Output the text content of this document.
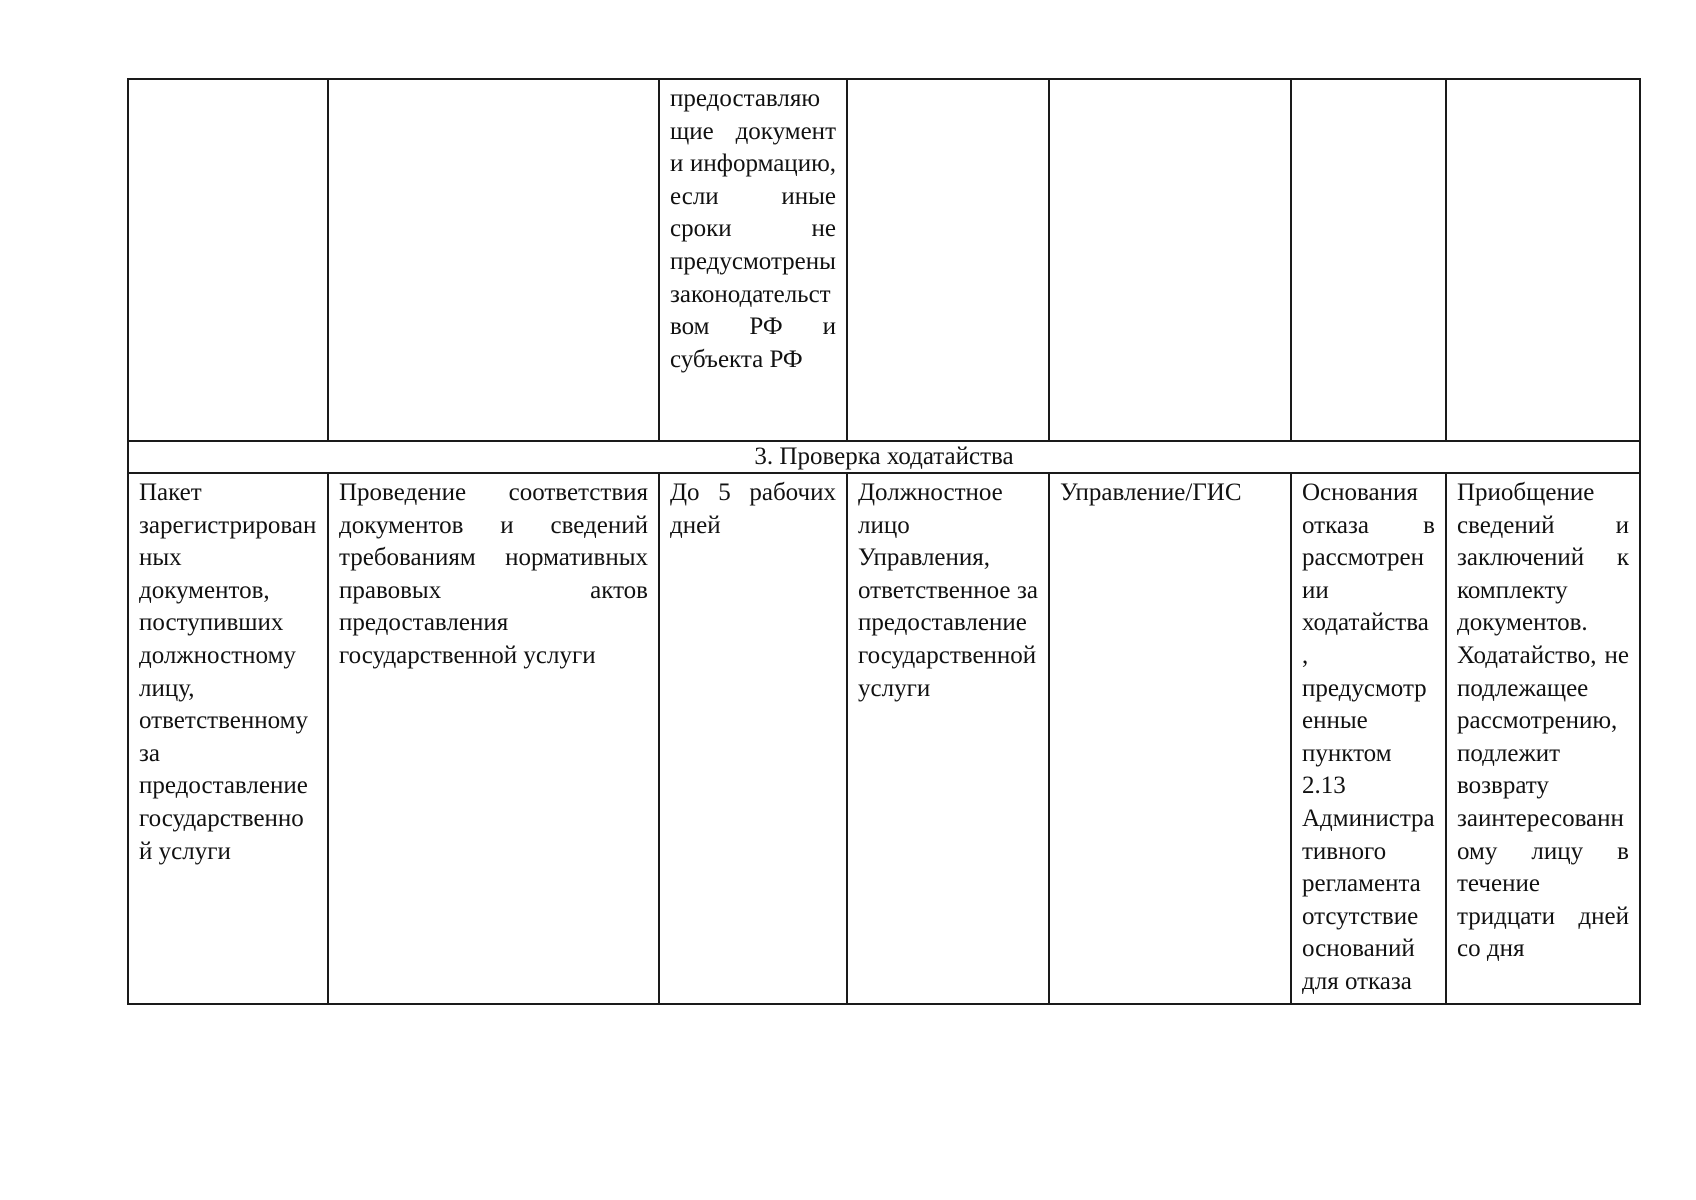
		предоставляющие документ и информацию, если иные сроки не предусмотрены законодательством РФ и субъекта РФ				
3. Проверка ходатайства						
Пакет зарегистрированных документов, поступивших должностному лицу, ответственному за предоставление государственной услуги	Проведение соответствия документов и сведений требованиям нормативных правовых актов предоставления государственной услуги	До 5 рабочих дней	Должностное лицо Управления, ответственное за предоставление государственной услуги	Управление/ГИС	Основания отказа в рассмотрении ходатайства, предусмотренные пунктом 2.13 Административного регламента отсутствие оснований для отказа	Приобщение сведений и заключений к комплекту документов. Ходатайство, не подлежащее рассмотрению, подлежит возврату заинтересованному лицу в течение тридцати дней со дня
